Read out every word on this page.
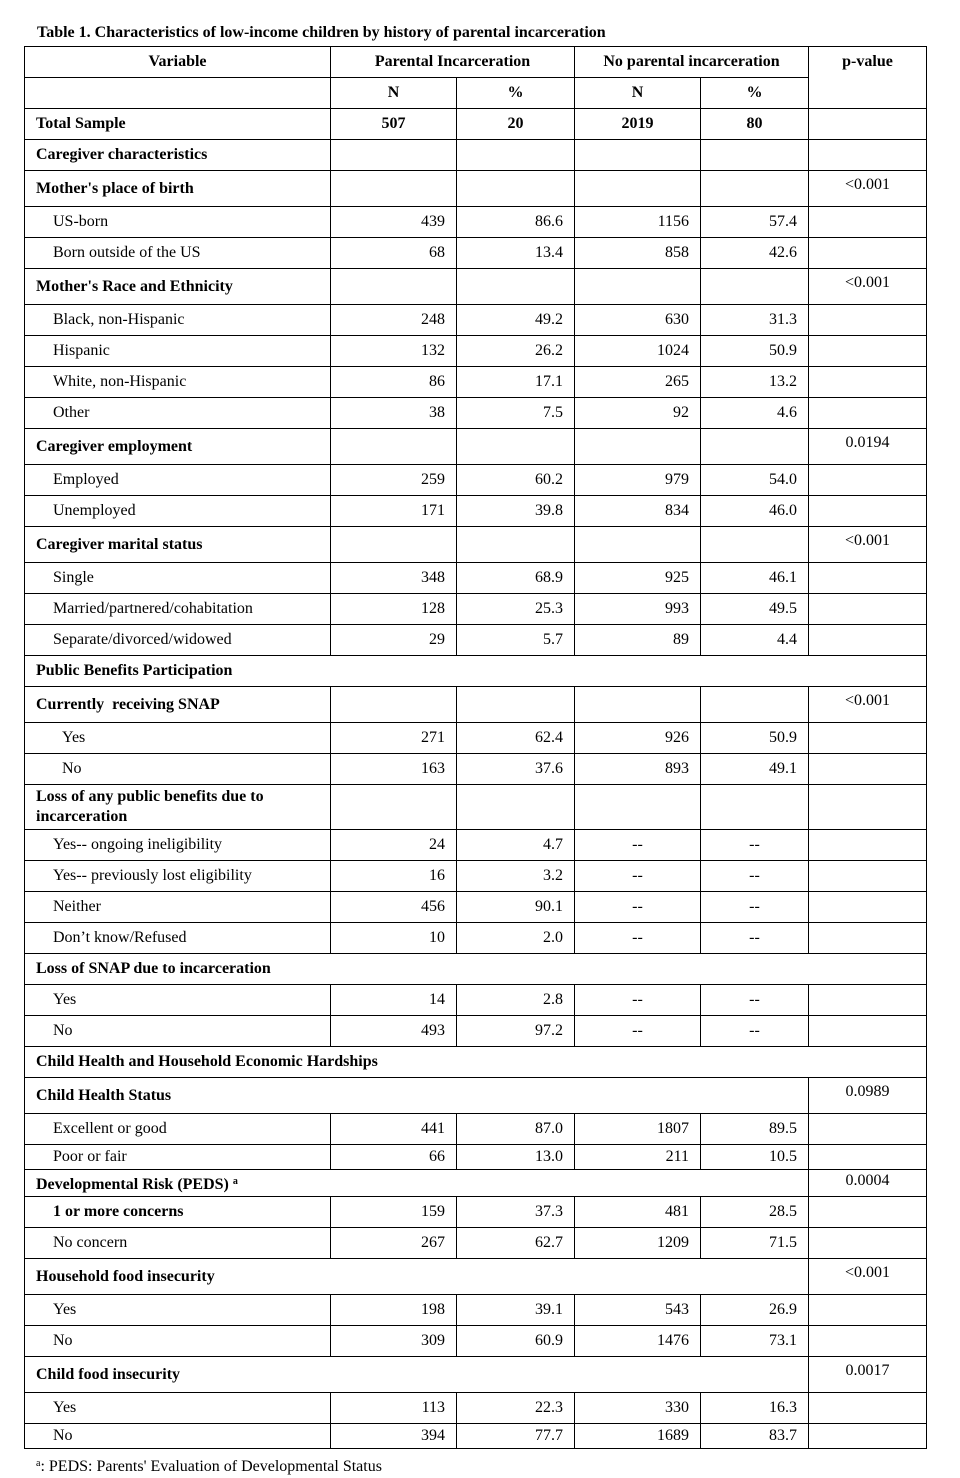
Table 1. Characteristics of low-income children by history of parental incarceration
Variable	Parental Incarceration		No parental incarceration		p-value
	N	%	N	%	
Total Sample	507	20	2019	80	
Caregiver characteristics					
Mother's place of birth					<0.001
US-born	439	86.6	1156	57.4	
Born outside of the US	68	13.4	858	42.6	
Mother's Race and Ethnicity					<0.001
Black, non-Hispanic	248	49.2	630	31.3	
Hispanic	132	26.2	1024	50.9	
White, non-Hispanic	86	17.1	265	13.2	
Other	38	7.5	92	4.6	
Caregiver employment					0.0194
Employed	259	60.2	979	54.0	
Unemployed	171	39.8	834	46.0	
Caregiver marital status					<0.001
Single	348	68.9	925	46.1	
Married/partnered/cohabitation	128	25.3	993	49.5	
Separate/divorced/widowed	29	5.7	89	4.4	
Public Benefits Participation					
Currently  receiving SNAP					<0.001
Yes	271	62.4	926	50.9	
No	163	37.6	893	49.1	
Loss of any public benefits due to incarceration					
Yes-- ongoing ineligibility	24	4.7	--	--	
Yes-- previously lost eligibility	16	3.2	--	--	
Neither	456	90.1	--	--	
Don’t know/Refused	10	2.0	--	--	
Loss of SNAP due to incarceration					
Yes	14	2.8	--	--	
No	493	97.2	--	--	
Child Health and Household Economic Hardships					
Child Health Status					0.0989
Excellent or good	441	87.0	1807	89.5	
Poor or fair	66	13.0	211	10.5	
Developmental Risk (PEDS) $^a$					0.0004
1 or more concerns	159	37.3	481	28.5	
No concern	267	62.7	1209	71.5	
Household food insecurity					<0.001
Yes	198	39.1	543	26.9	
No	309	60.9	1476	73.1	
Child food insecurity					0.0017
Yes	113	22.3	330	16.3	
No	394	77.7	1689	83.7	
$^a$: PEDS: Parents' Evaluation of Developmental Status
